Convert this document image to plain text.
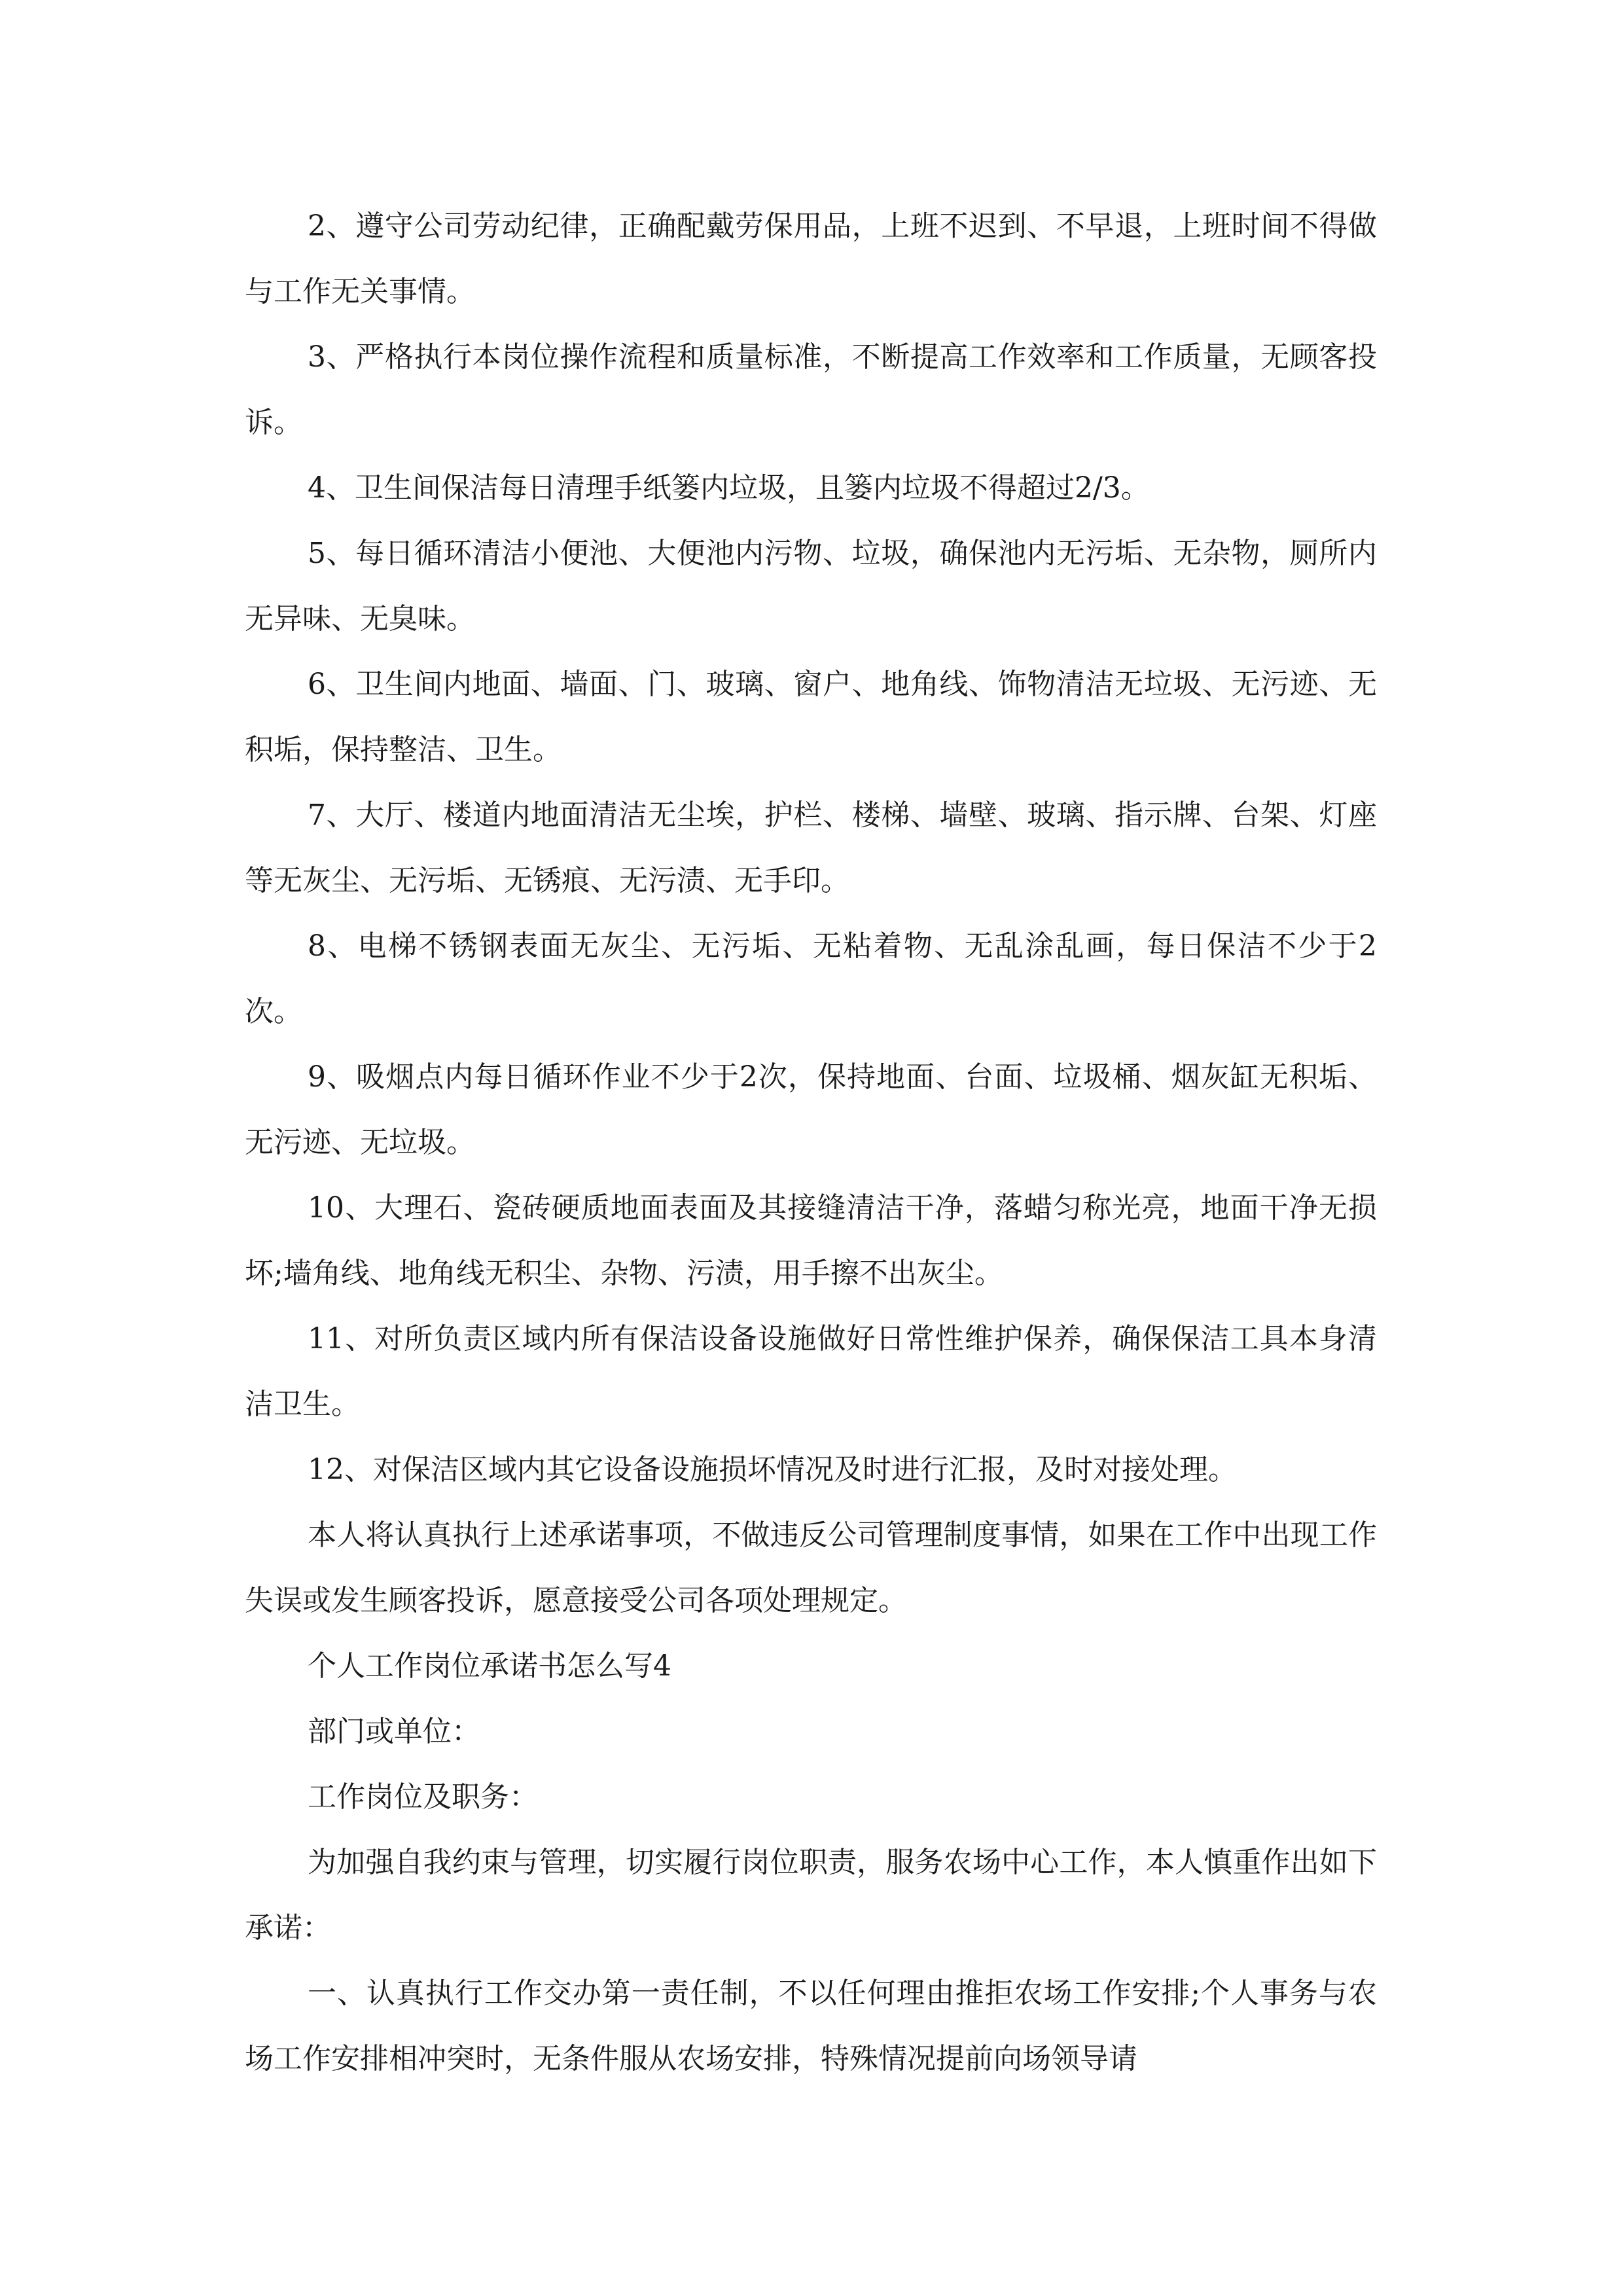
2、遵守公司劳动纪律，正确配戴劳保用品，上班不迟到、不早退，上班时间不得做与工作无关事情。

3、严格执行本岗位操作流程和质量标准，不断提高工作效率和工作质量，无顾客投诉。

4、卫生间保洁每日清理手纸篓内垃圾，且篓内垃圾不得超过2/3。

5、每日循环清洁小便池、大便池内污物、垃圾，确保池内无污垢、无杂物，厕所内无异味、无臭味。

6、卫生间内地面、墙面、门、玻璃、窗户、地角线、饰物清洁无垃圾、无污迹、无积垢，保持整洁、卫生。

7、大厅、楼道内地面清洁无尘埃，护栏、楼梯、墙壁、玻璃、指示牌、台架、灯座等无灰尘、无污垢、无锈痕、无污渍、无手印。

8、电梯不锈钢表面无灰尘、无污垢、无粘着物、无乱涂乱画，每日保洁不少于2次。

9、吸烟点内每日循环作业不少于2次，保持地面、台面、垃圾桶、烟灰缸无积垢、无污迹、无垃圾。

10、大理石、瓷砖硬质地面表面及其接缝清洁干净，落蜡匀称光亮，地面干净无损坏;墙角线、地角线无积尘、杂物、污渍，用手擦不出灰尘。

11、对所负责区域内所有保洁设备设施做好日常性维护保养，确保保洁工具本身清洁卫生。

12、对保洁区域内其它设备设施损坏情况及时进行汇报，及时对接处理。

本人将认真执行上述承诺事项，不做违反公司管理制度事情，如果在工作中出现工作失误或发生顾客投诉，愿意接受公司各项处理规定。

个人工作岗位承诺书怎么写4

部门或单位：

工作岗位及职务：

为加强自我约束与管理，切实履行岗位职责，服务农场中心工作，本人慎重作出如下承诺：

一、认真执行工作交办第一责任制，不以任何理由推拒农场工作安排;个人事务与农场工作安排相冲突时，无条件服从农场安排，特殊情况提前向场领导请
